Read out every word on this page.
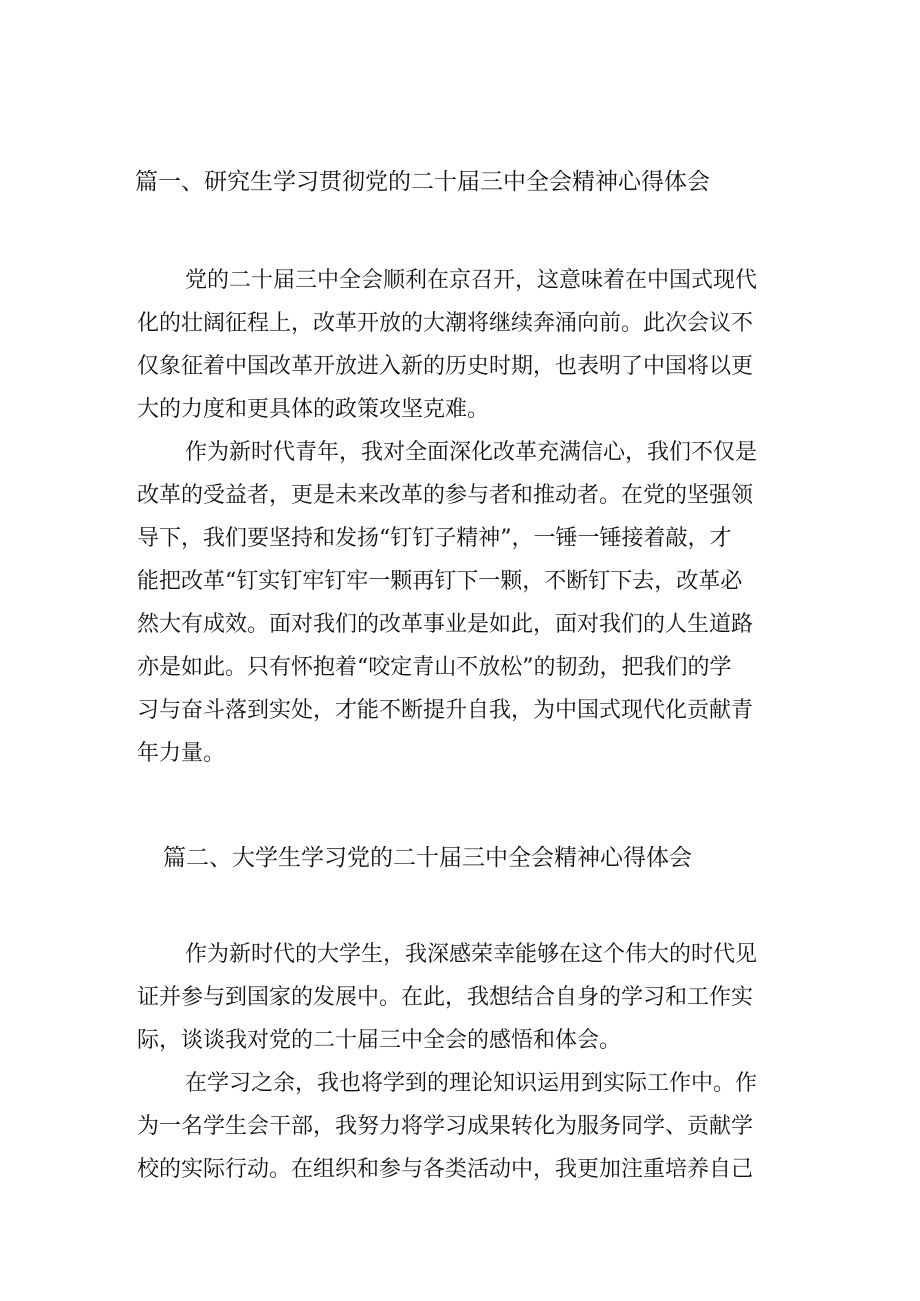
篇一、研究生学习贯彻党的二十届三中全会精神心得体会
党的二十届三中全会顺利在京召开，这意味着在中国式现代
化的壮阔征程上，改革开放的大潮将继续奔涌向前。此次会议不
仅象征着中国改革开放进入新的历史时期，也表明了中国将以更
大的力度和更具体的政策攻坚克难。
作为新时代青年，我对全面深化改革充满信心，我们不仅是
改革的受益者，更是未来改革的参与者和推动者。在党的坚强领
导下，我们要坚持和发扬“钉钉子精神”，一锤一锤接着敲，才
能把改革“钉实钉牢钉牢一颗再钉下一颗，不断钉下去，改革必
然大有成效。面对我们的改革事业是如此，面对我们的人生道路
亦是如此。只有怀抱着“咬定青山不放松”的韧劲，把我们的学
习与奋斗落到实处，才能不断提升自我，为中国式现代化贡献青
年力量。
篇二、大学生学习党的二十届三中全会精神心得体会
作为新时代的大学生，我深感荣幸能够在这个伟大的时代见
证并参与到国家的发展中。在此，我想结合自身的学习和工作实
际，谈谈我对党的二十届三中全会的感悟和体会。
在学习之余，我也将学到的理论知识运用到实际工作中。作
为一名学生会干部，我努力将学习成果转化为服务同学、贡献学
校的实际行动。在组织和参与各类活动中，我更加注重培养自己
